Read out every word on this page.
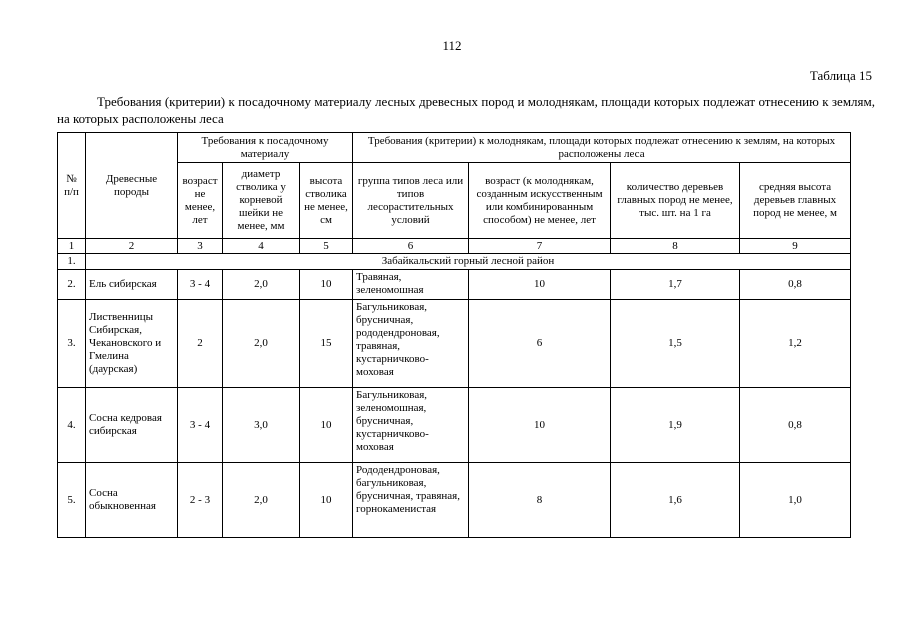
112
Таблица 15
Требования (критерии) к посадочному материалу лесных древесных пород и молоднякам, площади которых подлежат отнесению к землям, на которых расположены леса
№ п/п	Древесные породы	Требования к посадочному материалу			Требования (критерии) к молоднякам, площади которых подлежат отнесению к землям, на которых расположены леса			
		возраст не менее, лет	диаметр стволика у корневой шейки не менее, мм	высота стволика не менее, см	группа типов леса или типов лесорастительных условий	возраст (к молоднякам, созданным искусственным или комбинированным способом) не менее, лет	количество деревьев главных пород не менее, тыс. шт. на 1 га	средняя высота деревьев главных пород не менее, м
1	2	3	4	5	6	7	8	9
1.	Забайкальский горный лесной район							
2.	Ель сибирская	3 - 4	2,0	10	Травяная, зеленомошная	10	1,7	0,8
3.	Лиственницы Сибирская, Чекановского и Гмелина (даурская)	2	2,0	15	Багульниковая, брусничная, рододендроновая, травяная, кустарничково-моховая	6	1,5	1,2
4.	Сосна кедровая сибирская	3 - 4	3,0	10	Багульниковая, зеленомошная, брусничная, кустарничково-моховая	10	1,9	0,8
5.	Сосна обыкновенная	2 - 3	2,0	10	Рододендроновая, багульниковая, брусничная, травяная, горнокаменистая	8	1,6	1,0
